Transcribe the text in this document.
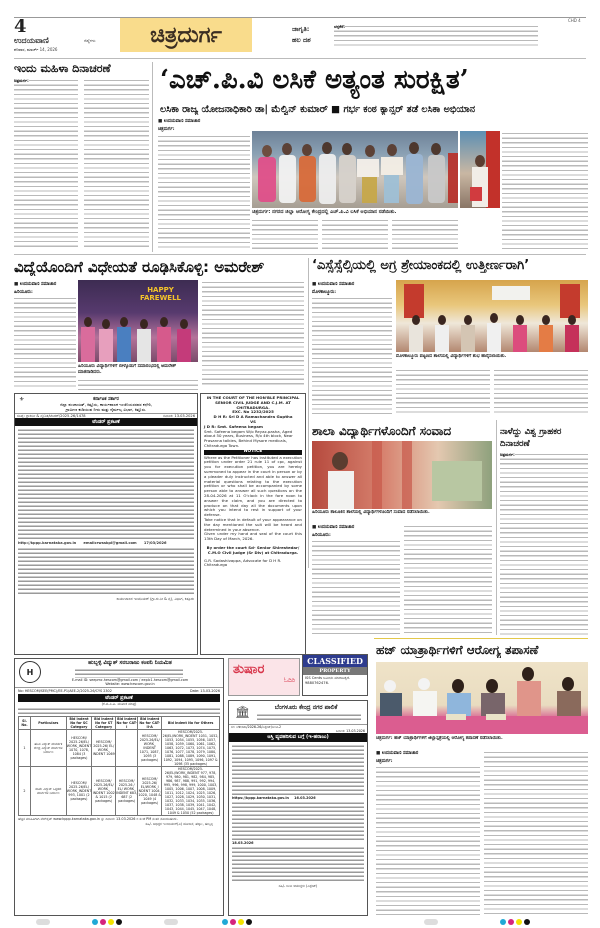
4
ಉದಯವಾಣಿ	ಜಿಲ್ಲೆಗಳು
ಶನಿವಾರ, ಮಾರ್ಚ್ 14, 2026
ಚಿತ್ರದುರ್ಗ	ಜಾಗೃತಿ:
ಹಲ ದಶ
ಚಳ್ಳಕೆರೆ:
CHD 4
ಇಂದು ಮಹಿಳಾ ದಿನಾಚರಣೆ
ಚಿತ್ರದುರ್ಗ:	‘ಎಚ್.ಪಿ.ವಿ ಲಸಿಕೆ ಅತ್ಯಂತ ಸುರಕ್ಷಿತ’
ಲಸಿಕಾ ರಾಜ್ಯ ಯೋಜನಾಧಿಕಾರಿ ಡಾ| ಮೆಲ್ವಿನ್ ಕುಮಾರ್ ■ ಗರ್ಭ ಕಂಠ ಕ್ಯಾನ್ಸರ್ ತಡೆ ಲಸಿಕಾ ಅಭಿಯಾನ
■ ಉದಯವಾಣಿ ಸಮಾಚಾರ
ಚಿತ್ರದುರ್ಗ:
ಚಿತ್ರದುರ್ಗ: ನಗರದ ಜಿಲ್ಲಾ ಆರೋಗ್ಯ ಕೇಂದ್ರದಲ್ಲಿ ಎಚ್.ಪಿ.ವಿ ಲಸಿಕೆ ಅಭಿಯಾನ ನಡೆಯಿತು.
ವಿದ್ಯೆಯೊಂದಿಗೆ ವಿಧೇಯತೆ ರೂಢಿಸಿಕೊಳ್ಳಿ: ಅಮರೇಶ್
■ ಉದಯವಾಣಿ ಸಮಾಚಾರ
ಹಿರಿಯೂರು:	HAPPY FAREWELL
ಹಿರಿಯೂರು ವಿದ್ಯಾರ್ಥಿಗಳಿಗೆ ಬೀಳ್ಕೊಡುಗೆ ಸಮಾರಂಭದಲ್ಲಿ ಅಮರೇಶ್ ಮಾತನಾಡಿದರು.
‘ಎಸ್ಸೆಸ್ಸೆಲ್ಸಿಯಲ್ಲಿ ಅಗ್ರ ಶ್ರೇಯಾಂಕದಲ್ಲಿ ಉತ್ತೀರ್ಣರಾಗಿ’
■ ಉದಯವಾಣಿ ಸಮಾಚಾರ
ಮೊಳಕಾಲ್ಮೂರು:
ಮೊಳಕಾಲ್ಮೂರು ಪಟ್ಟಣದ ಶಾಲೆಯಲ್ಲಿ ವಿದ್ಯಾರ್ಥಿಗಳಿಗೆ ಶುಭ ಹಾರೈಸಲಾಯಿತು.
⚜	ಕರ್ನಾಟಕ ಸರ್ಕಾರ
ಜಿಲ್ಲಾ ಪಂಚಾಯತ್, ಕಿತ್ತೂರು, ಕಾರ್ಯಪಾಲಕ ಇಂಜಿನಿಯರರವರ ಕಛೇರಿ,
ಗ್ರಾಮೀಣ ಕುಡಿಯುವ ನೀರು ಮತ್ತು ನೈರ್ಮಲ್ಯ ವಿಭಾಗ, ಕಿತ್ತೂರು.
ಸಂಖ್ಯೆ: ಗ್ರಾಕುನೀ & ನೈ/ವಿಕಿ/ಟೆಂಡರ್/2025-26/1478	ದಿನಾಂಕ: 13.03.2026
ಟೆಂಡರ್ ಪ್ರಕಟಣೆ
http://kppp.karnataka.gov.in emailcrwsskpl@gmail.com 17/03/2026
ಕಾರ್ಯಪಾಲಕ ಇಂಜಿನಿಯರ್ (ಗ್ರಾ.ಕು.ನೀ & ನೈ), ವಿಭಾಗ, ಕಿತ್ತೂರು
IN THE COURT OF THE HON'BLE PRINCIPAL SENIOR CIVIL JUDGE AND C.J.M. AT CHITRADURGA.
EXC. No 1232/2025
D H R: Sri D A Ramachandra Guptha
VS
J D R: Smt. Safeena begam
Smt. Safeena begam W/o Reyaz-pasha, Aged about 50 years, Business, R/o 4th block, Near Prasanna talkies, Behind Mysore medicals, Chitradurga Town.
NOTICE
Where as the Petitioner has instituted a execution petition under order 21 rule 11 of cpc, against you for execution petition, you are hereby summoned to appear in the court in person or by a pleader duly instructed and able to answer all material questions relating to the execution petition or who shall be accompanied by some person able to answer all such questions on the 28-04-2026 at 11 O'clock in the fore noon to answer the claim, and you are directed to produce on that day all the documents upon which you intend to rest in support of your defense.
Take notice that in default of your appearance on the day mentioned the suit will be heard and determined in your absence.
Given under my hand and seal of the court this 13th Day of March, 2026.
By order the court Sd- Senior Shirestedar/ C.M.O Civil Judge (Sr Div) at Chitradurga.
G.R. Sadashivappa, Advocate for D H R. Chitradurga
ಶಾಲಾ ವಿದ್ಯಾರ್ಥಿಗಳೊಂದಿಗೆ ಸಂವಾದ
ಹಿರಿಯೂರು ತಾಲೂಕಿನ ಶಾಲೆಯಲ್ಲಿ ವಿದ್ಯಾರ್ಥಿಗಳೊಂದಿಗೆ ಸಂವಾದ ನಡೆಸಲಾಯಿತು.
■ ಉದಯವಾಣಿ ಸಮಾಚಾರ
ಹಿರಿಯೂರು:
ನಾಳೆದ್ದು ವಿಶ್ವ ಗ್ರಾಹಕರ ದಿನಾಚರಣೆ
ಚಿತ್ರದುರ್ಗ:
H
ಹುಬ್ಬಳ್ಳಿ ವಿದ್ಯುತ್ ಸರಬರಾಜು ಕಂಪನಿ ನಿಯಮಿತ
E-mail ID: seepmc.hescom@gmail.com / eeplc1.hescom@gmail.com
Website: www.hescom.gov.in
No: HESCOM/SEE(PMC)/EE-P1/AEE-2/2025-26/CYS 2302	Date: 13-03-2026
ಟೆಂಡರ್ ಪ್ರಕಟಣೆ
(ಕೆ.ಟಿ.ಪಿ.ಪಿ. ಮೂಲಕ ಮಾತ್ರ)
Sl. No.	Particulars	Bid indent No for SC Category	Bid indent No for ST Category	Bid indent No for CAT-I	Bid indent No for CAT-II-A	Bid indent No for Others
1	ಹೊಸ ವಿದ್ಯುತ್ ಪರಿವರ್ತಕ ಕೇಂದ್ರ ವಿದ್ಯುತ್ ಮಾರ್ಗಗಳ ನಿರ್ಮಾಣ	HESCOM/ 2025-26/EL/ WORK_INDENT 1070, 1078, 1084 (3 packages)	HESCOM/ 2025-26/ EL/ WORK_ INDENT 1069		HESCOM/ 2025-26/EL/ WORK_ INDENT 1071, 1087, 1093 (3 packages)	HESCOM/2025-26/EL/WORK_INDENT 1051, 1052, 1053, 1054, 1055, 1056, 1057, 1058, 1059, 1060, 1061, 1062, 1063, 1072, 1073, 1074, 1075, 1076, 1077, 1078, 1079, 1080, 1081, 1088, 1089, 1090, 1091, 1092, 1094, 1095, 1096, 1097 & 1098 (35 packages)
2	ಕಡಿಮೆ ವಿದ್ಯುತ್ ಒತ್ತಡದ ಮಾರ್ಗಗಳ ನಿರ್ಮಾಣ	HESCOM/ 2025-26/EL/ WORK_INDENT 993, 1001 (2 packages)	HESCOM/ 2025-26/EL/ WORK_ INDENT 1002 & 1015 (2 packages)	HESCOM/ 2025-26 / EL/ WORK_ INDENT 683, 687 (2 packages)	HESCOM/ 2025-26/ EL/WORK_I NDENT 1004, 1020, 1048 & 1049 (4 packages)	HESCOM/2025-26/EL/WORK_INDENT 977, 978, 979, 980, 981, 982, 984, 985, 986, 987, 988, 991, 992, 994, 995, 996, 998, 999, 1000, 1003, 1005, 1006, 1007, 1008, 1009, 1011, 1012, 1024, 1025, 1026, 1027, 1028, 1029, 1030, 1031, 1032, 1033, 1034, 1035, 1036, 1037, 1038, 1039, 1041, 1042, 1043, 1044, 1045, 1047, 1048, 1049 & 1050 (52 packages)
ಹೆಚ್ಚಿನ ಮಾಹಿತಿಗಾಗಿ ವೆಬ್‌ಸೈಟ್ www.kppp.karnataka.gov.in ನ್ನು ದಿನಾಂಕ: 13.03.2026 ರ ಸಂಜೆ PM ನಂತರ ನೋಡಬಹುದು.
ಸಹಿ/- ಅಧೀಕ್ಷಕ ಇಂಜಿನಿಯರ್(ವಿ) ಯೋಜನೆ, ಹೆಸ್ಕಾಂ, ಹುಬ್ಬಳ್ಳಿ
ತುಷಾರ
ಓದಿರಿ
CLASSIFIED
PROPERTY
ISS Cents ಜಮೀನು ಮಾರಾಟಕ್ಕಿದೆ. 9880762476.
🏛	ಬೆಂಗಳೂರು ಕೇಂದ್ರ ನಗರ ಪಾಲಿಕೆ
ಸಂ: ಬೆಕೇನಪಾ/2026-26/ಎಸ್ಟೇಟ್/ಜಂಟಿ-2
ದಿನಾಂಕ: 13.03.2026
ಆಸ್ತಿ ವ್ಯವಹರಿಸುವ ಬಗ್ಗೆ (ಇ-ಹರಾಜು)
https://kppp.karnataka.gov.in 16.03.2026
18.03.2026
ಸಹಿ/- ಜಂಟಿ ಆಯುಕ್ತರು (ಎಸ್ಟೇಟ್)
ಹಜ್ ಯಾತ್ರಾರ್ಥಿಗಳಿಗೆ ಆರೋಗ್ಯ ತಪಾಸಣೆ
ಚಿತ್ರದುರ್ಗ: ಹಜ್ ಯಾತ್ರಾರ್ಥಿಗಳಿಗೆ ಜಿಲ್ಲಾಸ್ಪತ್ರೆಯಲ್ಲಿ ಆರೋಗ್ಯ ತಪಾಸಣೆ ನಡೆಸಲಾಯಿತು.
■ ಉದಯವಾಣಿ ಸಮಾಚಾರ
ಚಿತ್ರದುರ್ಗ:
